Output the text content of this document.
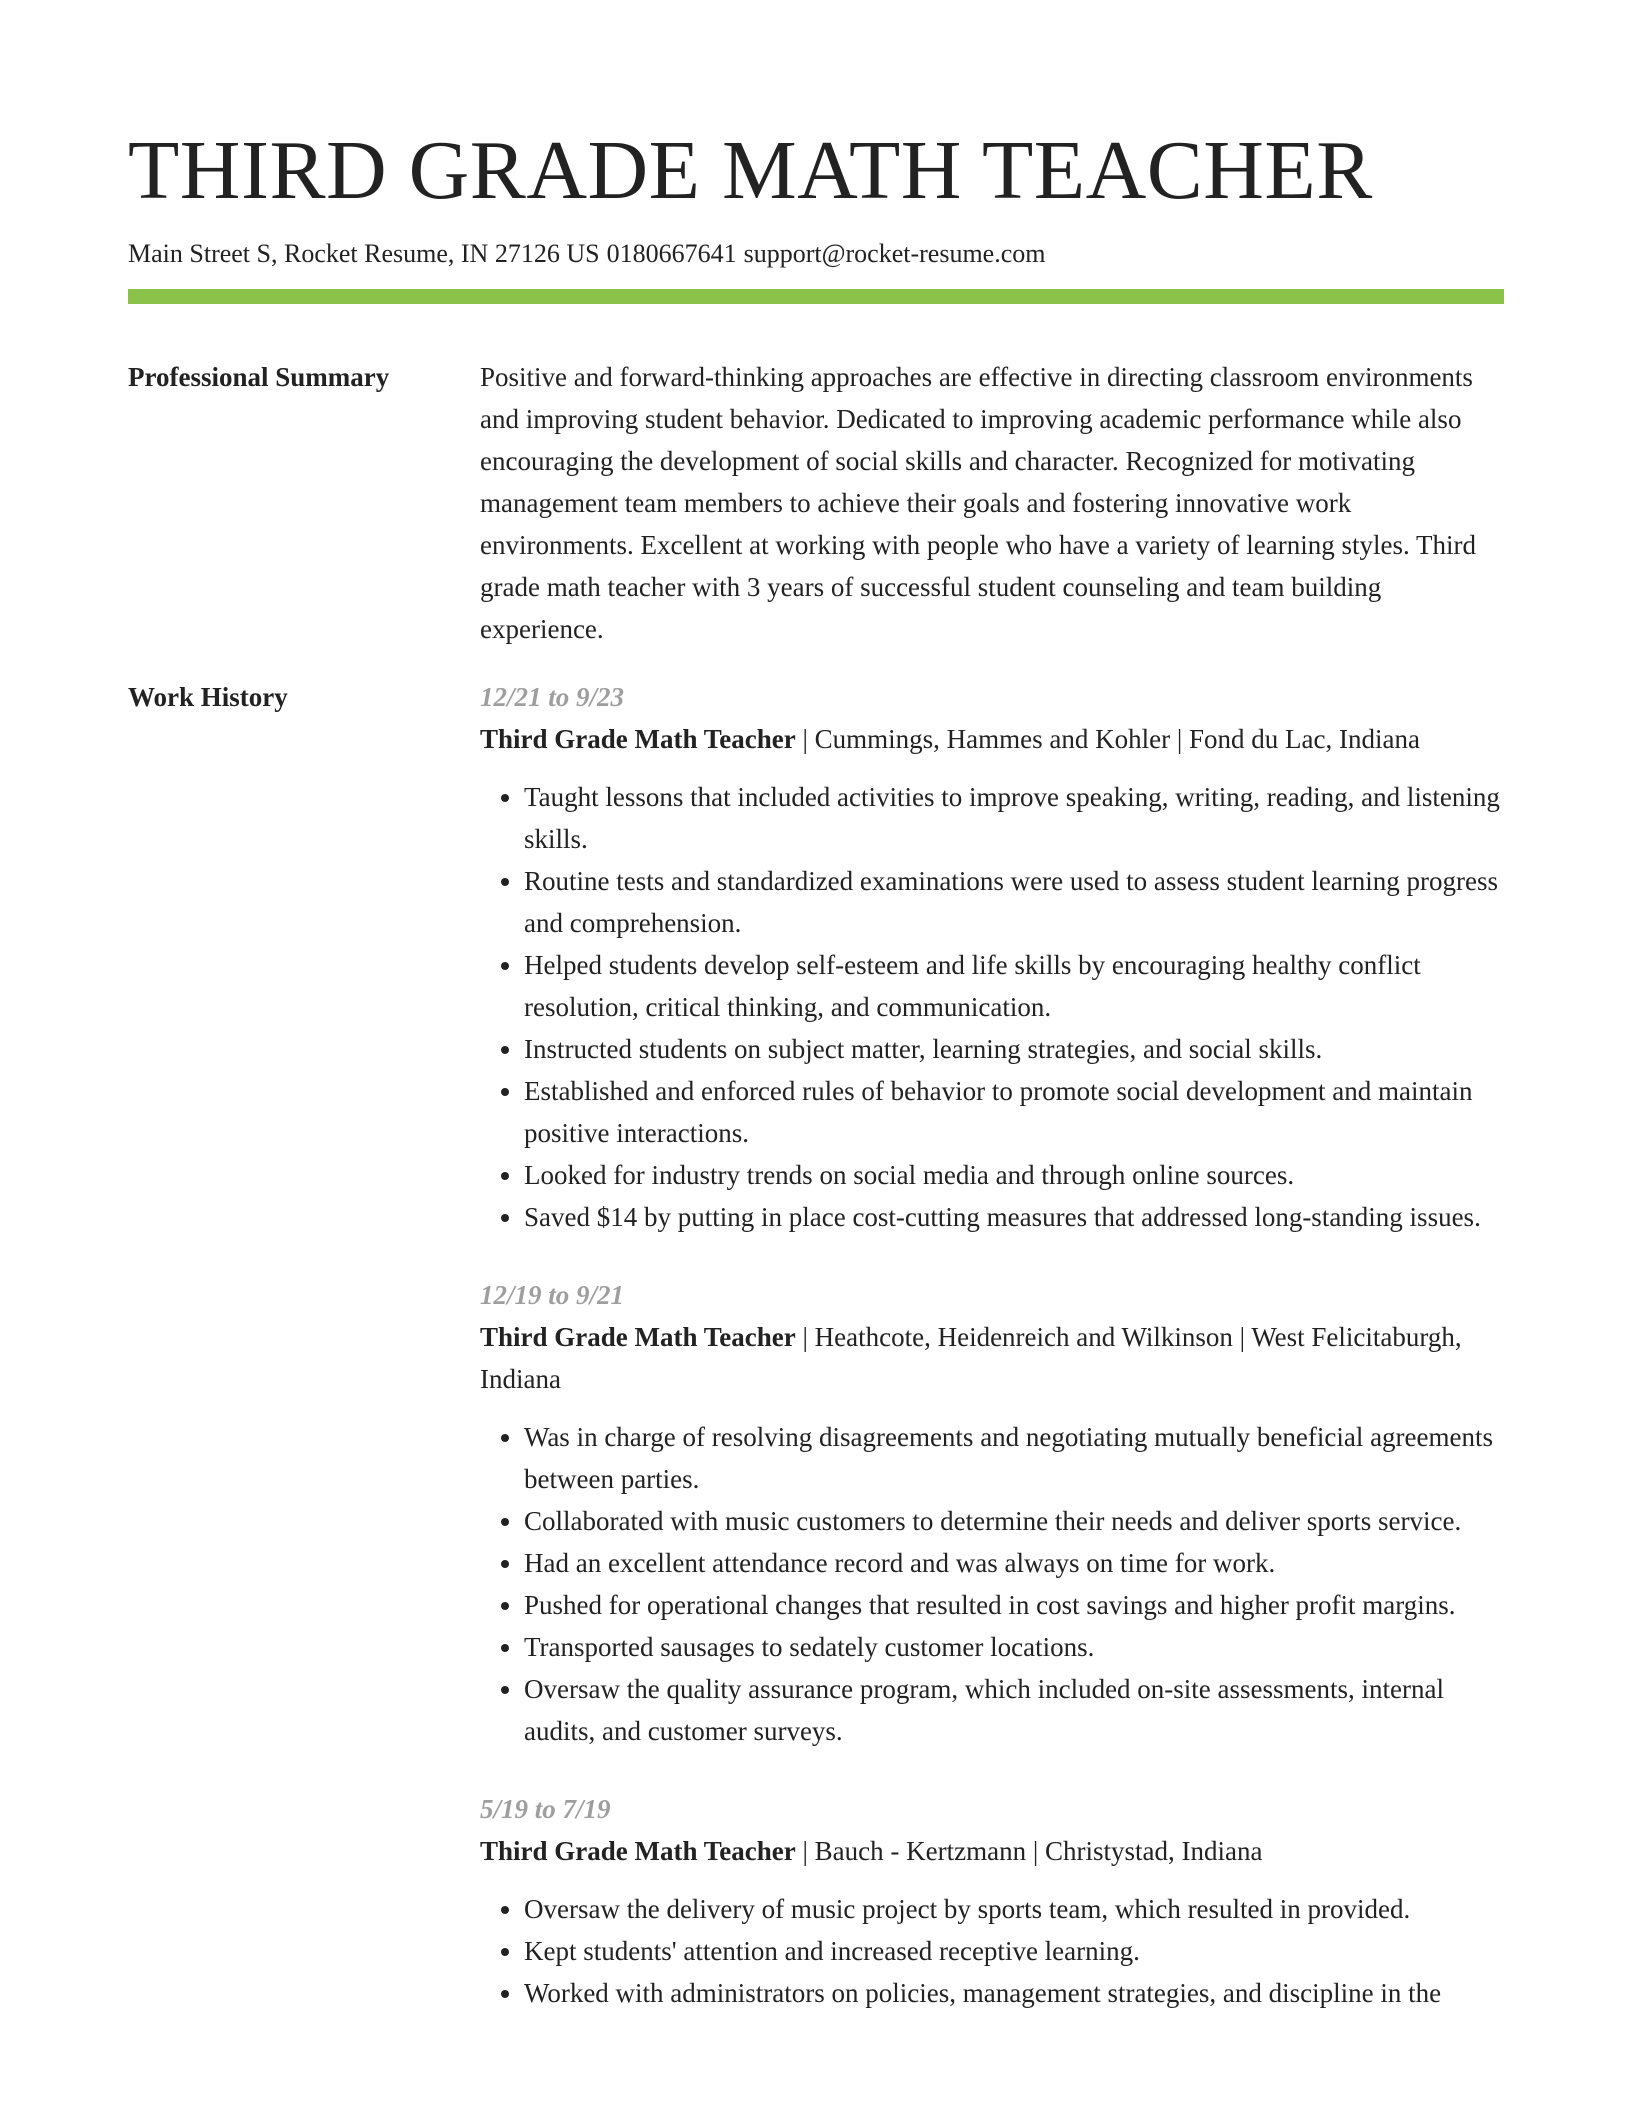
THIRD GRADE MATH TEACHER
Main Street S, Rocket Resume, IN 27126 US 0180667641 support@rocket-resume.com
Professional Summary	Positive and forward-thinking approaches are effective in directing classroom environments and improving student behavior. Dedicated to improving academic performance while also encouraging the development of social skills and character. Recognized for motivating management team members to achieve their goals and fostering innovative work environments. Excellent at working with people who have a variety of learning styles. Third grade math teacher with 3 years of successful student counseling and team building experience.

Work History	12/21 to 9/23
Third Grade Math Teacher | Cummings, Hammes and Kohler | Fond du Lac, Indiana
• Taught lessons that included activities to improve speaking, writing, reading, and listening skills.
• Routine tests and standardized examinations were used to assess student learning progress and comprehension.
• Helped students develop self-esteem and life skills by encouraging healthy conflict resolution, critical thinking, and communication.
• Instructed students on subject matter, learning strategies, and social skills.
• Established and enforced rules of behavior to promote social development and maintain positive interactions.
• Looked for industry trends on social media and through online sources.
• Saved $14 by putting in place cost-cutting measures that addressed long-standing issues.
12/19 to 9/21
Third Grade Math Teacher | Heathcote, Heidenreich and Wilkinson | West Felicitaburgh, Indiana
• Was in charge of resolving disagreements and negotiating mutually beneficial agreements between parties.
• Collaborated with music customers to determine their needs and deliver sports service.
• Had an excellent attendance record and was always on time for work.
• Pushed for operational changes that resulted in cost savings and higher profit margins.
• Transported sausages to sedately customer locations.
• Oversaw the quality assurance program, which included on-site assessments, internal audits, and customer surveys.
5/19 to 7/19
Third Grade Math Teacher | Bauch - Kertzmann | Christystad, Indiana
• Oversaw the delivery of music project by sports team, which resulted in provided.
• Kept students' attention and increased receptive learning.
• Worked with administrators on policies, management strategies, and discipline in the
